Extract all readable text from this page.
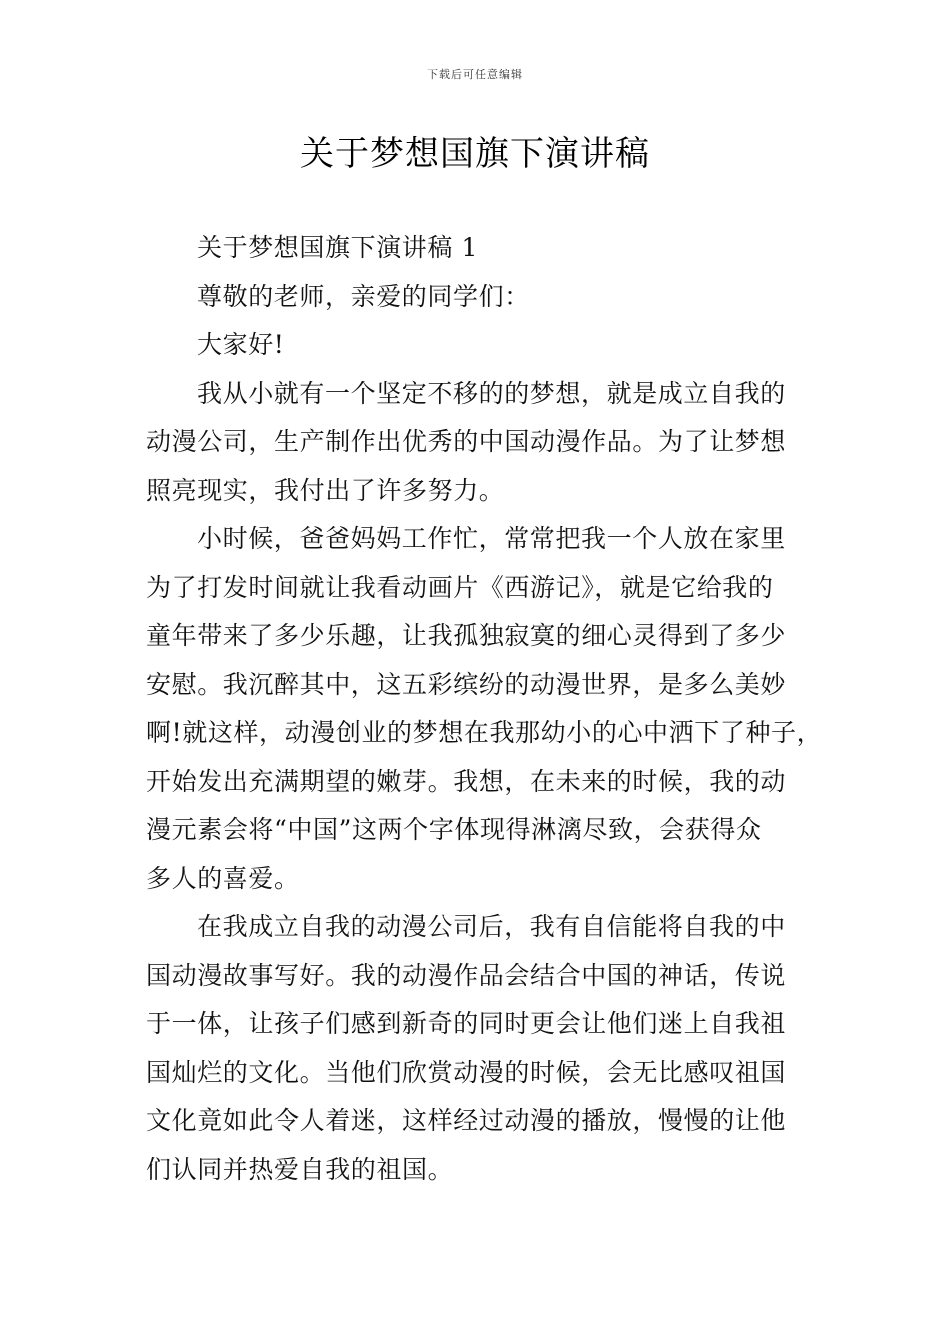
下载后可任意编辑
关于梦想国旗下演讲稿
关于梦想国旗下演讲稿 1
尊敬的老师，亲爱的同学们：
大家好!
我从小就有一个坚定不移的的梦想，就是成立自我的
动漫公司，生产制作出优秀的中国动漫作品。为了让梦想
照亮现实，我付出了许多努力。
小时候，爸爸妈妈工作忙，常常把我一个人放在家里
为了打发时间就让我看动画片《西游记》，就是它给我的
童年带来了多少乐趣，让我孤独寂寞的细心灵得到了多少
安慰。我沉醉其中，这五彩缤纷的动漫世界，是多么美妙
啊!就这样，动漫创业的梦想在我那幼小的心中洒下了种子，
开始发出充满期望的嫩芽。我想，在未来的时候，我的动
漫元素会将“中国”这两个字体现得淋漓尽致，会获得众
多人的喜爱。
在我成立自我的动漫公司后，我有自信能将自我的中
国动漫故事写好。我的动漫作品会结合中国的神话，传说
于一体，让孩子们感到新奇的同时更会让他们迷上自我祖
国灿烂的文化。当他们欣赏动漫的时候，会无比感叹祖国
文化竟如此令人着迷，这样经过动漫的播放，慢慢的让他
们认同并热爱自我的祖国。
